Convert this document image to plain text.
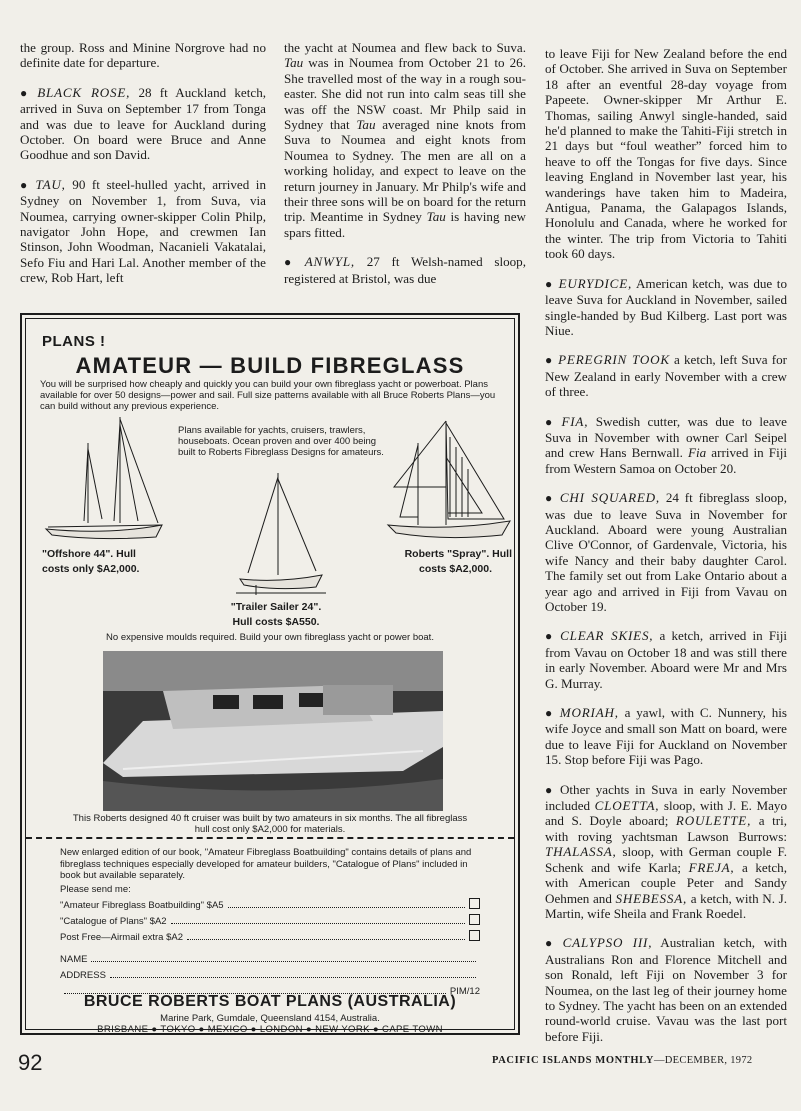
the group. Ross and Minine Norgrove had no definite date for departure.

● BLACK ROSE, 28 ft Auckland ketch, arrived in Suva on September 17 from Tonga and was due to leave for Auckland during October. On board were Bruce and Anne Goodhue and son David.

● TAU, 90 ft steel-hulled yacht, arrived in Sydney on November 1, from Suva, via Noumea, carrying owner-skipper Colin Philp, navigator John Hope, and crewmen Ian Stinson, John Woodman, Nacanieli Vakatalai, Sefo Fiu and Hari Lal. Another member of the crew, Rob Hart, left

the yacht at Noumea and flew back to Suva. Tau was in Noumea from October 21 to 26. She travelled most of the way in a rough sou-easter. She did not run into calm seas till she was off the NSW coast. Mr Philp said in Sydney that Tau averaged nine knots from Suva to Noumea and eight knots from Noumea to Sydney. The men are all on a working holiday, and expect to leave on the return journey in January. Mr Philp's wife and their three sons will be on board for the return trip. Meantime in Sydney Tau is having new spars fitted.

● ANWYL, 27 ft Welsh-named sloop, registered at Bristol, was due

to leave Fiji for New Zealand before the end of October. She arrived in Suva on September 18 after an eventful 28-day voyage from Papeete. Owner-skipper Mr Arthur E. Thomas, sailing Anwyl single-handed, said he'd planned to make the Tahiti-Fiji stretch in 21 days but “foul weather” forced him to heave to off the Tongas for five days. Since leaving England in November last year, his wanderings have taken him to Madeira, Antigua, Panama, the Galapagos Islands, Honolulu and Canada, where he worked for the winter. The trip from Victoria to Tahiti took 60 days.

● EURYDICE, American ketch, was due to leave Suva for Auckland in November, sailed single-handed by Bud Kilberg. Last port was Niue.

● PEREGRIN TOOK a ketch, left Suva for New Zealand in early November with a crew of three.

● FIA, Swedish cutter, was due to leave Suva in November with owner Carl Seipel and crew Hans Bernwall. Fia arrived in Fiji from Western Samoa on October 20.

● CHI SQUARED, 24 ft fibreglass sloop, was due to leave Suva in November for Auckland. Aboard were young Australian Clive O'Connor, of Gardenvale, Victoria, his wife Nancy and their baby daughter Carol. The family set out from Lake Ontario about a year ago and arrived in Fiji from Vavau on October 19.

● CLEAR SKIES, a ketch, arrived in Fiji from Vavau on October 18 and was still there in early November. Aboard were Mr and Mrs G. Murray.

● MORIAH, a yawl, with C. Nunnery, his wife Joyce and small son Matt on board, were due to leave Fiji for Auckland on November 15. Stop before Fiji was Pago.

● Other yachts in Suva in early November included CLOETTA, sloop, with J. E. Mayo and S. Doyle aboard; ROULETTE, a tri, with roving yachtsman Lawson Burrows: THALASSA, sloop, with German couple F. Schenk and wife Karla; FREJA, a ketch, with American couple Peter and Sandy Oehmen and SHEBESSA, a ketch, with N. J. Martin, wife Sheila and Frank Roedel.

● CALYPSO III, Australian ketch, with Australians Ron and Florence Mitchell and son Ronald, left Fiji on November 3 for Noumea, on the last leg of their journey home to Sydney. The yacht has been on an extended round-world cruise. Vavau was the last port before Fiji.

PLANS !
AMATEUR — BUILD FIBREGLASS
You will be surprised how cheaply and quickly you can build your own fibreglass yacht or powerboat. Plans available for over 50 designs—power and sail. Full size patterns available with all Bruce Roberts Plans—you can build without any previous experience.
Plans available for yachts, cruisers, trawlers, houseboats. Ocean proven and over 400 being built to Roberts Fibreglass Designs for amateurs.
"Offshore 44". Hull
costs only $A2,000.
Roberts "Spray". Hull
costs $A2,000.
"Trailer Sailer 24".
Hull costs $A550.
No expensive moulds required. Build your own fibreglass yacht or power boat.
This Roberts designed 40 ft cruiser was built by two amateurs in six months. The all fibreglass hull cost only $A2,000 for materials.
New enlarged edition of our book, "Amateur Fibreglass Boatbuilding" contains details of plans and fibreglass techniques especially developed for amateur builders, "Catalogue of Plans" included in book but available separately.
Please send me:
"Amateur Fibreglass Boatbuilding" $A5
"Catalogue of Plans" $A2
Post Free—Airmail extra $A2
NAME
ADDRESS
PIM/12
BRUCE ROBERTS BOAT PLANS (AUSTRALIA)
Marine Park, Gumdale, Queensland 4154, Australia.
BRISBANE ● TOKYO ● MEXICO ● LONDON ● NEW YORK ● CAPE TOWN
92	PACIFIC ISLANDS MONTHLY—DECEMBER, 1972
